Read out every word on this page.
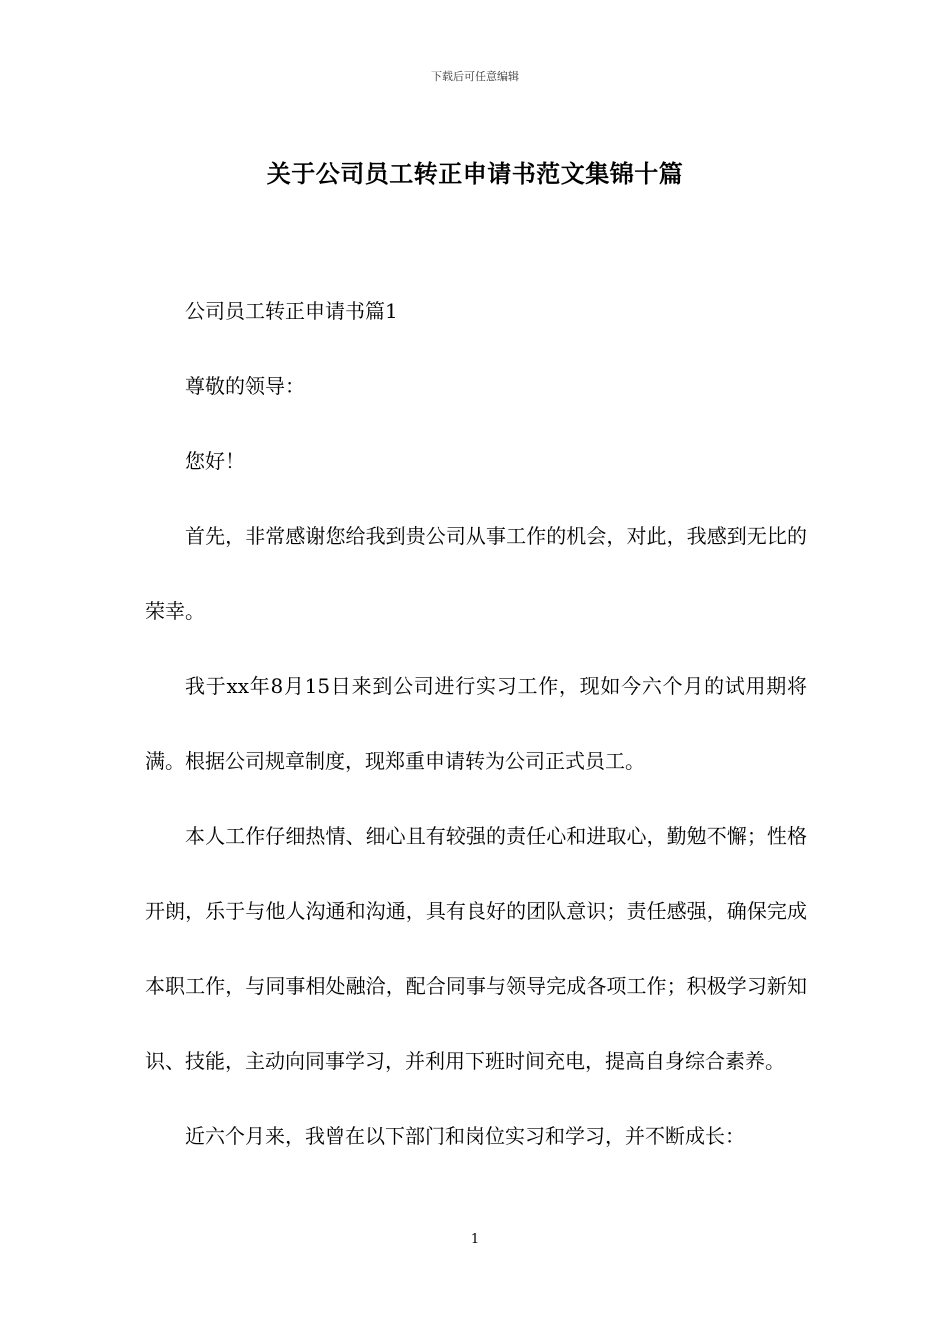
下载后可任意编辑
关于公司员工转正申请书范文集锦十篇

公司员工转正申请书篇1

尊敬的领导：

您好！

首先，非常感谢您给我到贵公司从事工作的机会，对此，我感到无比的荣幸。

我于xx年8月15日来到公司进行实习工作，现如今六个月的试用期将满。根据公司规章制度，现郑重申请转为公司正式员工。

本人工作仔细热情、细心且有较强的责任心和进取心，勤勉不懈；性格开朗，乐于与他人沟通和沟通，具有良好的团队意识；责任感强，确保完成本职工作，与同事相处融洽，配合同事与领导完成各项工作；积极学习新知识、技能，主动向同事学习，并利用下班时间充电，提高自身综合素养。

近六个月来，我曾在以下部门和岗位实习和学习，并不断成长：

1
